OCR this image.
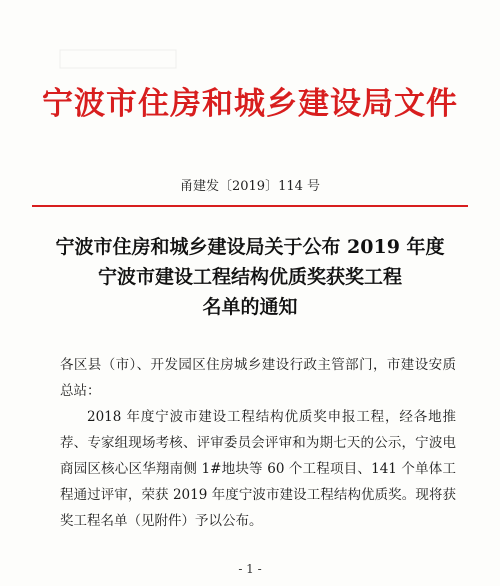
宁波市住房和城乡建设局文件
甬建发〔2019〕114 号
宁波市住房和城乡建设局关于公布 2019 年度
宁波市建设工程结构优质奖获奖工程
名单的通知

各区县（市）、开发园区住房城乡建设行政主管部门，市建设安质总站：

2018 年度宁波市建设工程结构优质奖申报工程，经各地推荐、专家组现场考核、评审委员会评审和为期七天的公示，宁波电商园区核心区华翔南侧 1#地块等 60 个工程项目、141 个单体工程通过评审，荣获 2019 年度宁波市建设工程结构优质奖。现将获奖工程名单（见附件）予以公布。

- 1 -
